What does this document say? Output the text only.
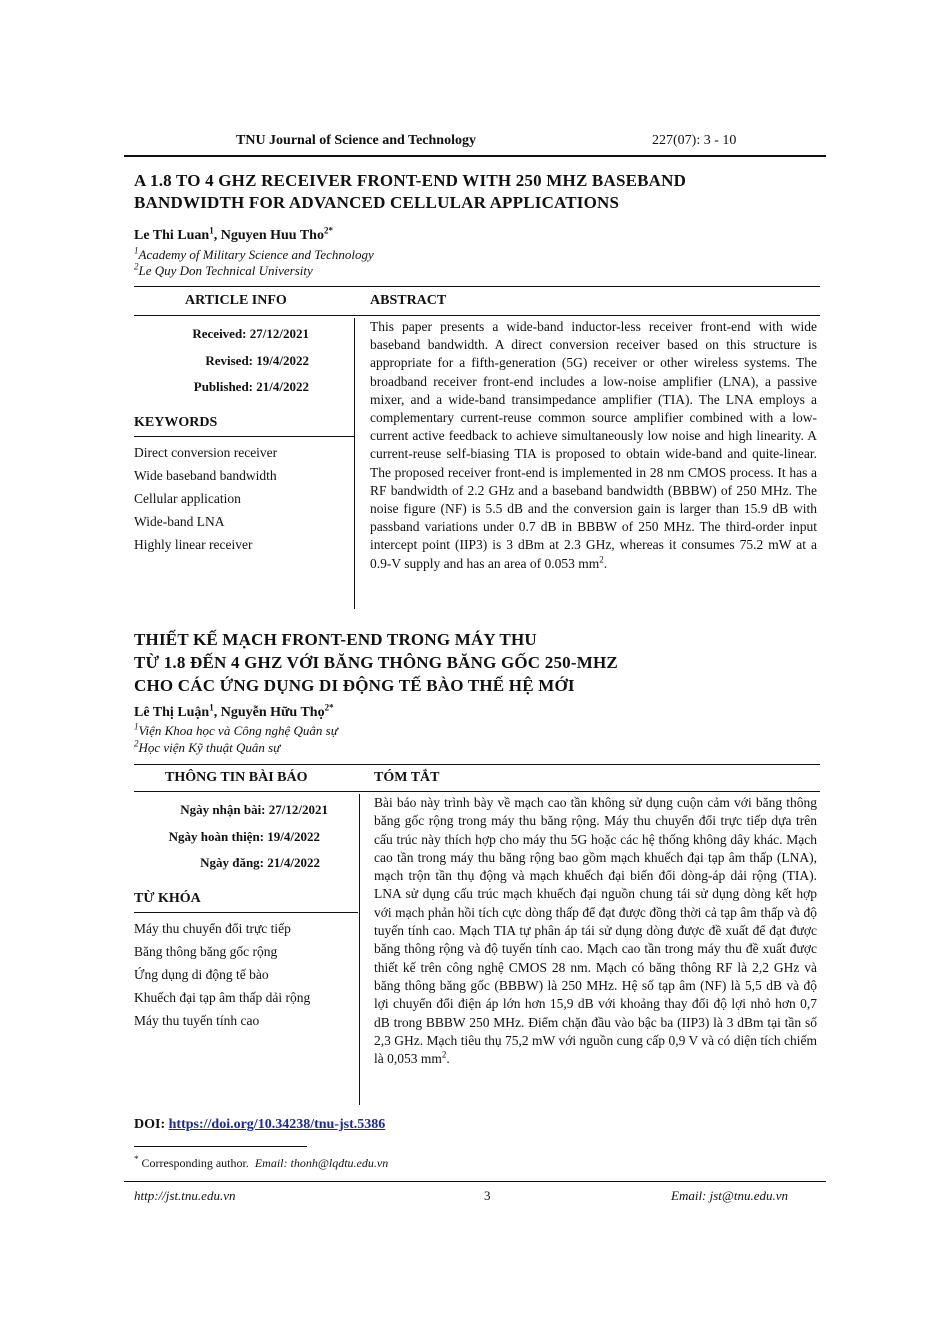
TNU Journal of Science and Technology	227(07): 3 - 10
A 1.8 TO 4 GHZ RECEIVER FRONT-END WITH 250 MHZ BASEBAND
BANDWIDTH FOR ADVANCED CELLULAR APPLICATIONS
Le Thi Luan$^1$, Nguyen Huu Tho$^{2*}$
$^1$Academy of Military Science and Technology
$^2$Le Quy Don Technical University
ARTICLE INFO	ABSTRACT
Received: 27/12/2021
Revised: 19/4/2022
Published: 21/4/2022
KEYWORDS
Direct conversion receiver
Wide baseband bandwidth
Cellular application
Wide-band LNA
Highly linear receiver
This paper presents a wide-band inductor-less receiver front-end with wide baseband bandwidth. A direct conversion receiver based on this structure is appropriate for a fifth-generation (5G) receiver or other wireless systems. The broadband receiver front-end includes a low-noise amplifier (LNA), a passive mixer, and a wide-band transimpedance amplifier (TIA). The LNA employs a complementary current-reuse common source amplifier combined with a low-current active feedback to achieve simultaneously low noise and high linearity. A current-reuse self-biasing TIA is proposed to obtain wide-band and quite-linear. The proposed receiver front-end is implemented in 28 nm CMOS process. It has a RF bandwidth of 2.2 GHz and a baseband bandwidth (BBBW) of 250 MHz. The noise figure (NF) is 5.5 dB and the conversion gain is larger than 15.9 dB with passband variations under 0.7 dB in BBBW of 250 MHz. The third-order input intercept point (IIP3) is 3 dBm at 2.3 GHz, whereas it consumes 75.2 mW at a 0.9-V supply and has an area of 0.053 $mm^2$.
THIẾT KẾ MẠCH FRONT-END TRONG MÁY THU
TỪ 1.8 ĐẾN 4 GHZ VỚI BĂNG THÔNG BĂNG GỐC 250-MHZ
CHO CÁC ỨNG DỤNG DI ĐỘNG TẾ BÀO THẾ HỆ MỚI
Lê Thị Luận$^1$, Nguyễn Hữu Thọ$^{2*}$
$^1$Viện Khoa học và Công nghệ Quân sự
$^2$Học viện Kỹ thuật Quân sự
THÔNG TIN BÀI BÁO	TÓM TẮT
Ngày nhận bài: 27/12/2021
Ngày hoàn thiện: 19/4/2022
Ngày đăng: 21/4/2022
TỪ KHÓA
Máy thu chuyển đổi trực tiếp
Băng thông băng gốc rộng
Ứng dụng di động tế bào
Khuếch đại tạp âm thấp dải rộng
Máy thu tuyến tính cao
Bài báo này trình bày về mạch cao tần không sử dụng cuộn cảm với băng thông băng gốc rộng trong máy thu băng rộng. Máy thu chuyển đổi trực tiếp dựa trên cấu trúc này thích hợp cho máy thu 5G hoặc các hệ thống không dây khác. Mạch cao tần trong máy thu băng rộng bao gồm mạch khuếch đại tạp âm thấp (LNA), mạch trộn tần thụ động và mạch khuếch đại biến đổi dòng-áp dải rộng (TIA). LNA sử dụng cấu trúc mạch khuếch đại nguồn chung tái sử dụng dòng kết hợp với mạch phản hồi tích cực dòng thấp để đạt được đồng thời cả tạp âm thấp và độ tuyến tính cao. Mạch TIA tự phân áp tái sử dụng dòng được đề xuất để đạt được băng thông rộng và độ tuyến tính cao. Mạch cao tần trong máy thu đề xuất được thiết kế trên công nghệ CMOS 28 nm. Mạch có băng thông RF là 2,2 GHz và băng thông băng gốc (BBBW) là 250 MHz. Hệ số tạp âm (NF) là 5,5 dB và độ lợi chuyển đổi điện áp lớn hơn 15,9 dB với khoảng thay đổi độ lợi nhỏ hơn 0,7 dB trong BBBW 250 MHz. Điểm chặn đầu vào bậc ba (IIP3) là 3 dBm tại tần số 2,3 GHz. Mạch tiêu thụ 75,2 mW với nguồn cung cấp 0,9 V và có diện tích chiếm là 0,053 $mm^2$.
DOI: https://doi.org/10.34238/tnu-jst.5386
* Corresponding author. Email: thonh@lqdtu.edu.vn
http://jst.tnu.edu.vn	3	Email: jst@tnu.edu.vn
